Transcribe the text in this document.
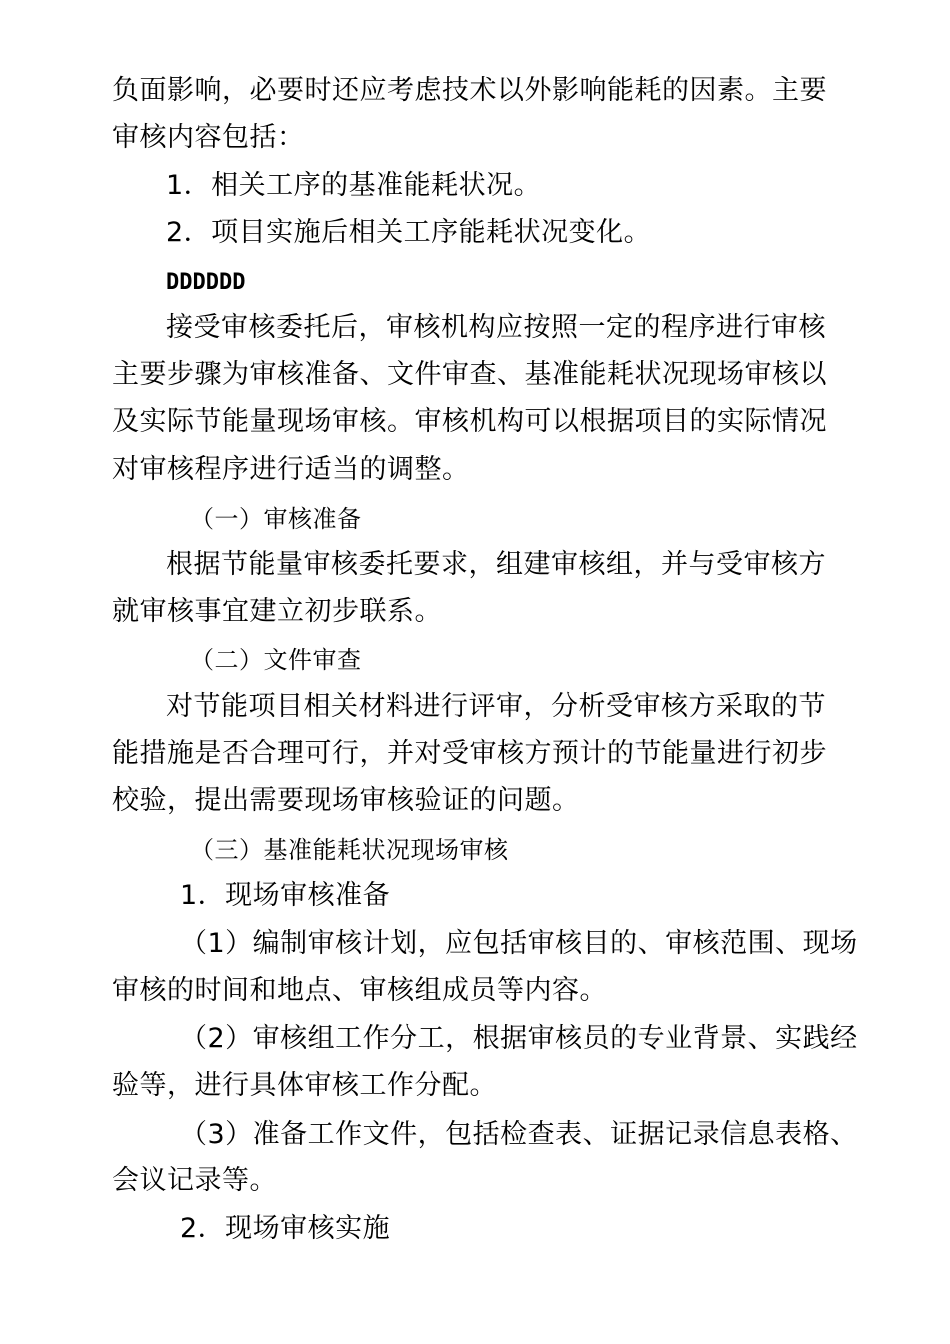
负面影响，必要时还应考虑技术以外影响能耗的因素。主要
审核内容包括：
1．相关工序的基准能耗状况。
2．项目实施后相关工序能耗状况变化。
DDDDDD
接受审核委托后，审核机构应按照一定的程序进行审核
主要步骤为审核准备、文件审查、基准能耗状况现场审核以
及实际节能量现场审核。审核机构可以根据项目的实际情况
对审核程序进行适当的调整。
（一）审核准备
根据节能量审核委托要求，组建审核组，并与受审核方
就审核事宜建立初步联系。
（二）文件审查
对节能项目相关材料进行评审，分析受审核方采取的节
能措施是否合理可行，并对受审核方预计的节能量进行初步
校验，提出需要现场审核验证的问题。
（三）基准能耗状况现场审核
1．现场审核准备
（1）编制审核计划，应包括审核目的、审核范围、现场
审核的时间和地点、审核组成员等内容。
（2）审核组工作分工，根据审核员的专业背景、实践经
验等，进行具体审核工作分配。
（3）准备工作文件，包括检查表、证据记录信息表格、
会议记录等。
2．现场审核实施
